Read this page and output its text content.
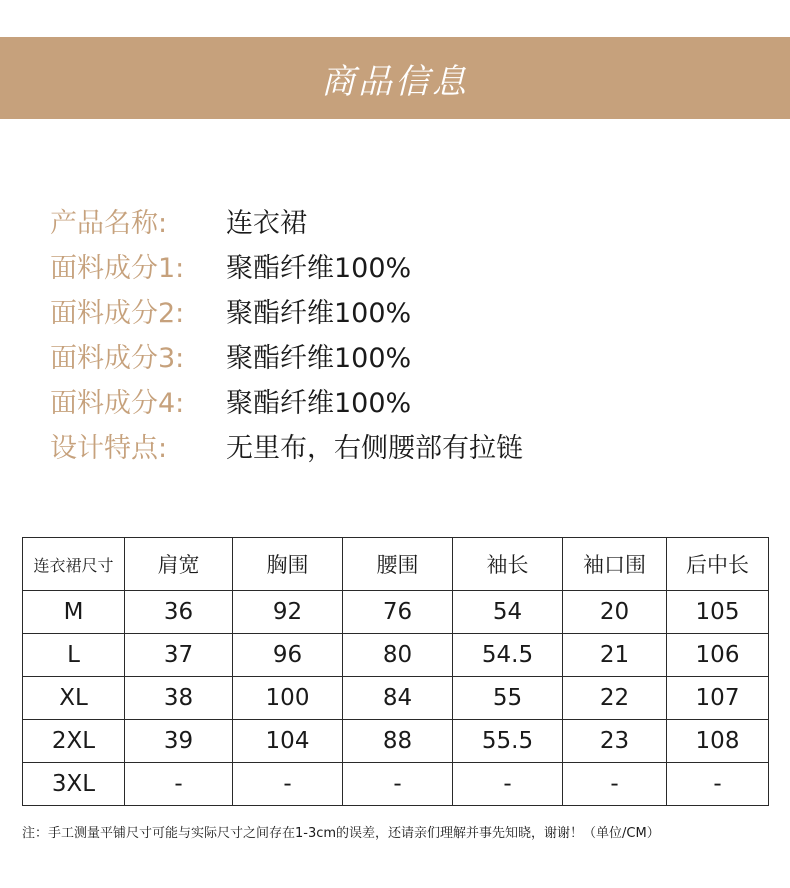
商品信息
产品名称:	连衣裙
面料成分1:	聚酯纤维100%
面料成分2:	聚酯纤维100%
面料成分3:	聚酯纤维100%
面料成分4:	聚酯纤维100%
设计特点:	无里布，右侧腰部有拉链
连衣裙尺寸	肩宽	胸围	腰围	袖长	袖口围	后中长
M	36	92	76	54	20	105
L	37	96	80	54.5	21	106
XL	38	100	84	55	22	107
2XL	39	104	88	55.5	23	108
3XL	-	-	-	-	-	-
注：手工测量平铺尺寸可能与实际尺寸之间存在1-3cm的误差，还请亲们理解并事先知晓，谢谢！（单位/CM）
